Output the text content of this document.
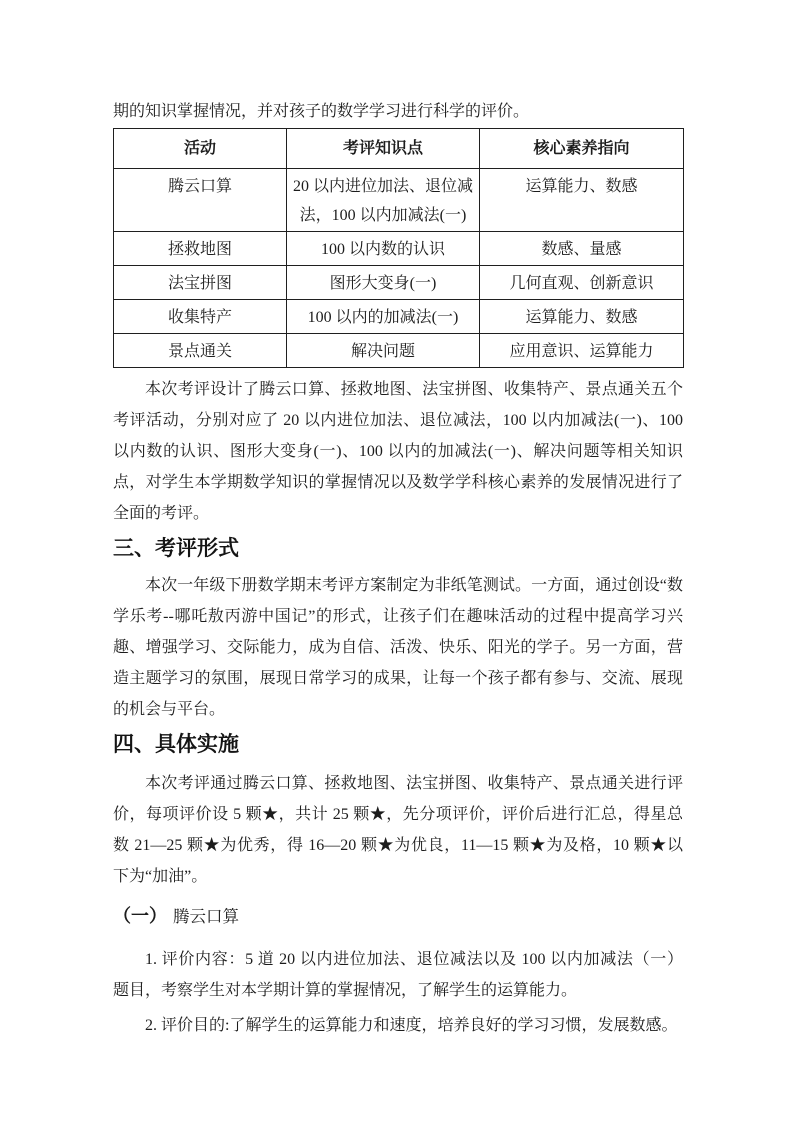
期的知识掌握情况，并对孩子的数学学习进行科学的评价。
活动	考评知识点	核心素养指向
腾云口算	20 以内进位加法、退位减法，100 以内加减法(一)	运算能力、数感
拯救地图	100 以内数的认识	数感、量感
法宝拼图	图形大变身(一)	几何直观、创新意识
收集特产	100 以内的加减法(一)	运算能力、数感
景点通关	解决问题	应用意识、运算能力
本次考评设计了腾云口算、拯救地图、法宝拼图、收集特产、景点通关五个
考评活动，分别对应了 20 以内进位加法、退位减法，100 以内加减法(一)、100
以内数的认识、图形大变身(一)、100 以内的加减法(一)、解决问题等相关知识
点，对学生本学期数学知识的掌握情况以及数学学科核心素养的发展情况进行了
全面的考评。
三、考评形式
本次一年级下册数学期末考评方案制定为非纸笔测试。一方面，通过创设“数
学乐考--哪吒敖丙游中国记”的形式，让孩子们在趣味活动的过程中提高学习兴
趣、增强学习、交际能力，成为自信、活泼、快乐、阳光的学子。另一方面，营
造主题学习的氛围，展现日常学习的成果，让每一个孩子都有参与、交流、展现
的机会与平台。
四、具体实施
本次考评通过腾云口算、拯救地图、法宝拼图、收集特产、景点通关进行评
价，每项评价设 5 颗★，共计 25 颗★，先分项评价，评价后进行汇总，得星总
数 21—25 颗★为优秀，得 16—20 颗★为优良，11—15 颗★为及格，10 颗★以
下为“加油”。
（一） 腾云口算
1. 评价内容：5 道 20 以内进位加法、退位减法以及 100 以内加减法（一）
题目，考察学生对本学期计算的掌握情况，了解学生的运算能力。
2. 评价目的:了解学生的运算能力和速度，培养良好的学习习惯，发展数感。
